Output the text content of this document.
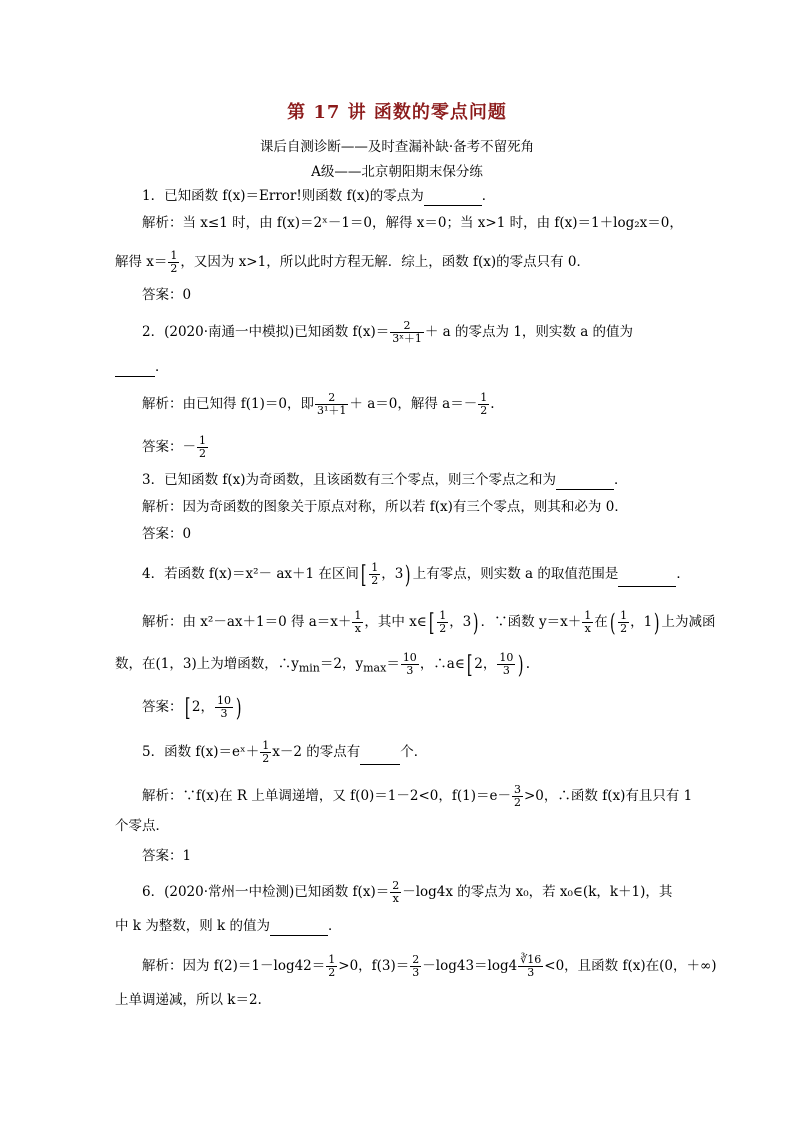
第 17 讲 函数的零点问题
课后自测诊断——及时查漏补缺·备考不留死角
A级——北京朝阳期末保分练
1．已知函数 f(x)＝Error!则函数 f(x)的零点为	．
解析：当 x≤1 时，由 f(x)＝2ˣ－1＝0，解得 x＝0；当 x>1 时，由 f(x)＝1＋log₂x＝0，
解得 $x= \frac{1}{2}$ ，又因为 x>1，所以此时方程无解．综上，函数 f(x)的零点只有 0．
答案：0
2．(2020·南通一中模拟)已知函数 $f(x)= \frac{2}{\text{3ˣ＋1}} + a$ 的零点为 1，则实数 a 的值为
．
解析：由已知得 f(1)＝0，即 $\frac{2}{\text{3¹＋1}} + a=0$，解得 $a=- \frac{1}{2}$ .
答案：－ $\frac{1}{2}$
3．已知函数 f(x)为奇函数，且该函数有三个零点，则三个零点之和为	．
解析：因为奇函数的图象关于原点对称，所以若 f(x)有三个零点，则其和必为 0．
答案：0
4．若函数 f(x)＝x²－ ax＋1 在区间[ $\frac{1}{2}$ ，3) 上有零点，则实数 a 的取值范围是	．
解析：由 x²－ax＋1＝0 得 $a=x+ \frac{1}{x}$ ，其中 x∈[ $\frac{1}{2}$ ，3) ．∵函数 $y=x+ \frac{1}{x}$ 在( $\frac{1}{2}$ ，1) 上为减函
数，在(1，3)上为增函数，$\therefore y_{min}=2$，$y_{max}= \frac{10}{3}$ ，∴a∈[ 2， $\frac{10}{3}$ ) .
答案：[ 2， $\frac{10}{3}$ )
5．函数 f(x)＝eˣ＋ $\frac{1}{2} x-2$ 的零点有	个．
解析：∵f(x)在 R 上单调递增，又 f(0)＝1－2<0，$f(1)=e- \frac{3}{2} >0$，∴函数 f(x)有且只有 1
个零点．
答案：1
6．(2020·常州一中检测)已知函数 $f(x)= \frac{2}{x} -\log 4x$ 的零点为 x₀，若 x₀∈(k，k＋1)，其
中 k 为整数，则 k 的值为	．
解析：因为 $f(2)=1-\log 42= \frac{1}{2} >0$，$f(3)= \frac{2}{3} -\log 43=\log 4 \frac{∛16}{3} <0$，且函数 f(x)在(0，＋∞)
上单调递减，所以 k＝2.
